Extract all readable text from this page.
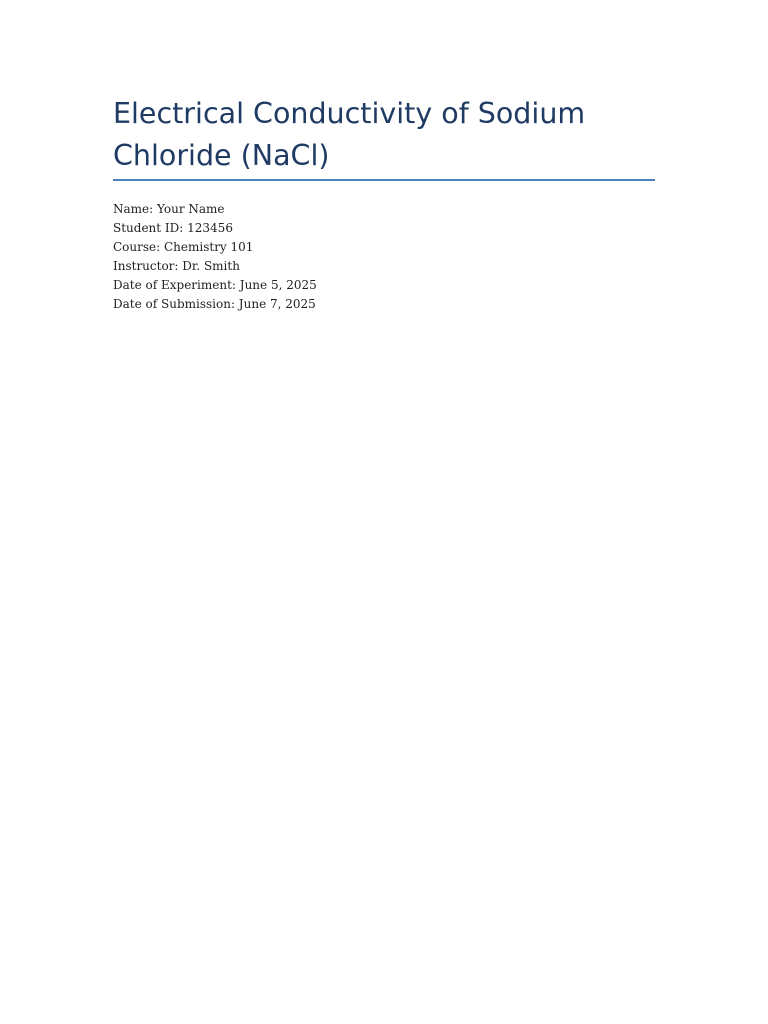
Electrical Conductivity of Sodium Chloride (NaCl)
Name: Your Name
Student ID: 123456
Course: Chemistry 101
Instructor: Dr. Smith
Date of Experiment: June 5, 2025
Date of Submission: June 7, 2025
